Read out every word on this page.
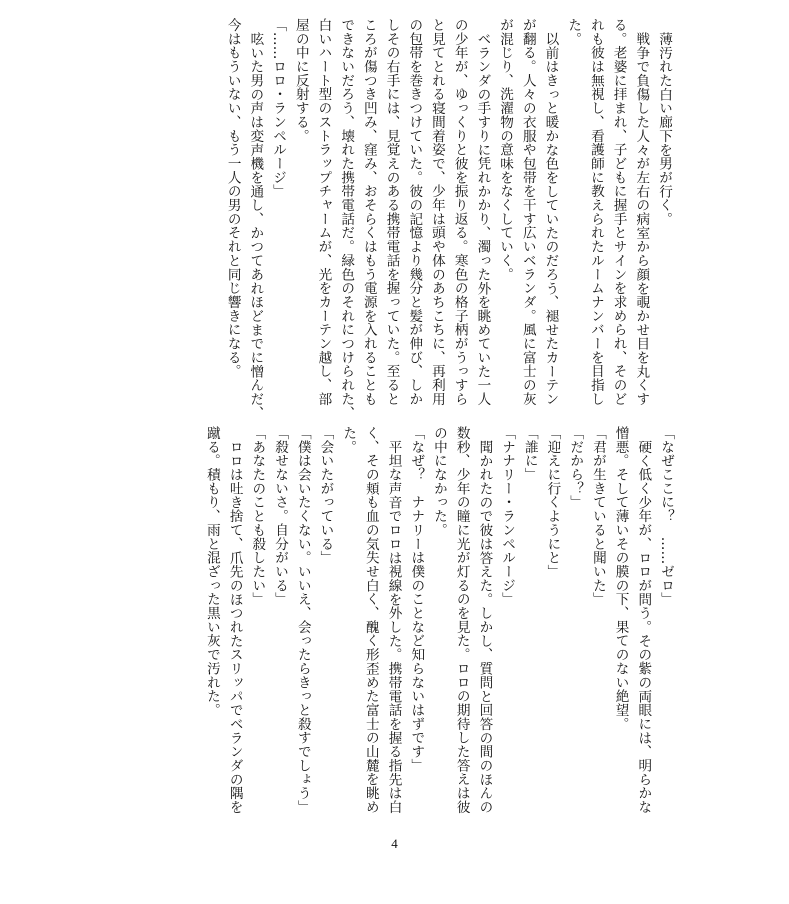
薄汚れた白い廊下を男が行く。

戦争で負傷した人々が左右の病室から顔を覗かせ目を丸くす

る。老婆に拝まれ、子どもに握手とサインを求められ、そのど

れも彼は無視し、看護師に教えられたルームナンバーを目指し

た。

以前はきっと暖かな色をしていたのだろう、褪せたカーテン

が翻る。人々の衣服や包帯を干す広いベランダ。風に富士の灰

が混じり、洗濯物の意味をなくしていく。

ベランダの手すりに凭れかかり、濁った外を眺めていた一人

の少年が、ゆっくりと彼を振り返る。寒色の格子柄がうっすら

と見てとれる寝間着姿で、少年は頭や体のあちこちに、再利用

の包帯を巻きつけていた。彼の記憶より幾分と髪が伸び、しか

しその右手には、見覚えのある携帯電話を握っていた。至ると

ころが傷つき凹み、窪み、おそらくはもう電源を入れることも

できないだろう、壊れた携帯電話だ。緑色のそれにつけられた、

白いハート型のストラップチャームが、光をカーテン越し、部

屋の中に反射する。

「……ロロ・ランペルージ」

呟いた男の声は変声機を通し、かつてあれほどまでに憎んだ、

今はもういない、もう一人の男のそれと同じ響きになる。

「なぜここに？　……ゼロ」

硬く低く少年が、ロロが問う。その紫の両眼には、明らかな

憎悪。そして薄いその膜の下、果てのない絶望。

「君が生きていると聞いた」

「だから？」

「迎えに行くようにと」

「誰に」

「ナナリー・ランペルージ」

聞かれたので彼は答えた。しかし、質問と回答の間のほんの

数秒、少年の瞳に光が灯るのを見た。ロロの期待した答えは彼

の中になかった。

「なぜ？　ナナリーは僕のことなど知らないはずです」

平坦な声音でロロは視線を外した。携帯電話を握る指先は白

く、その頬も血の気失せ白く、醜く形歪めた富士の山麓を眺め

た。

「会いたがっている」

「僕は会いたくない。いいえ、会ったらきっと殺すでしょう」

「殺せないさ。自分がいる」

「あなたのことも殺したい」

ロロは吐き捨て、爪先のほつれたスリッパでベランダの隅を

蹴る。積もり、雨と混ざった黒い灰で汚れた。

4
